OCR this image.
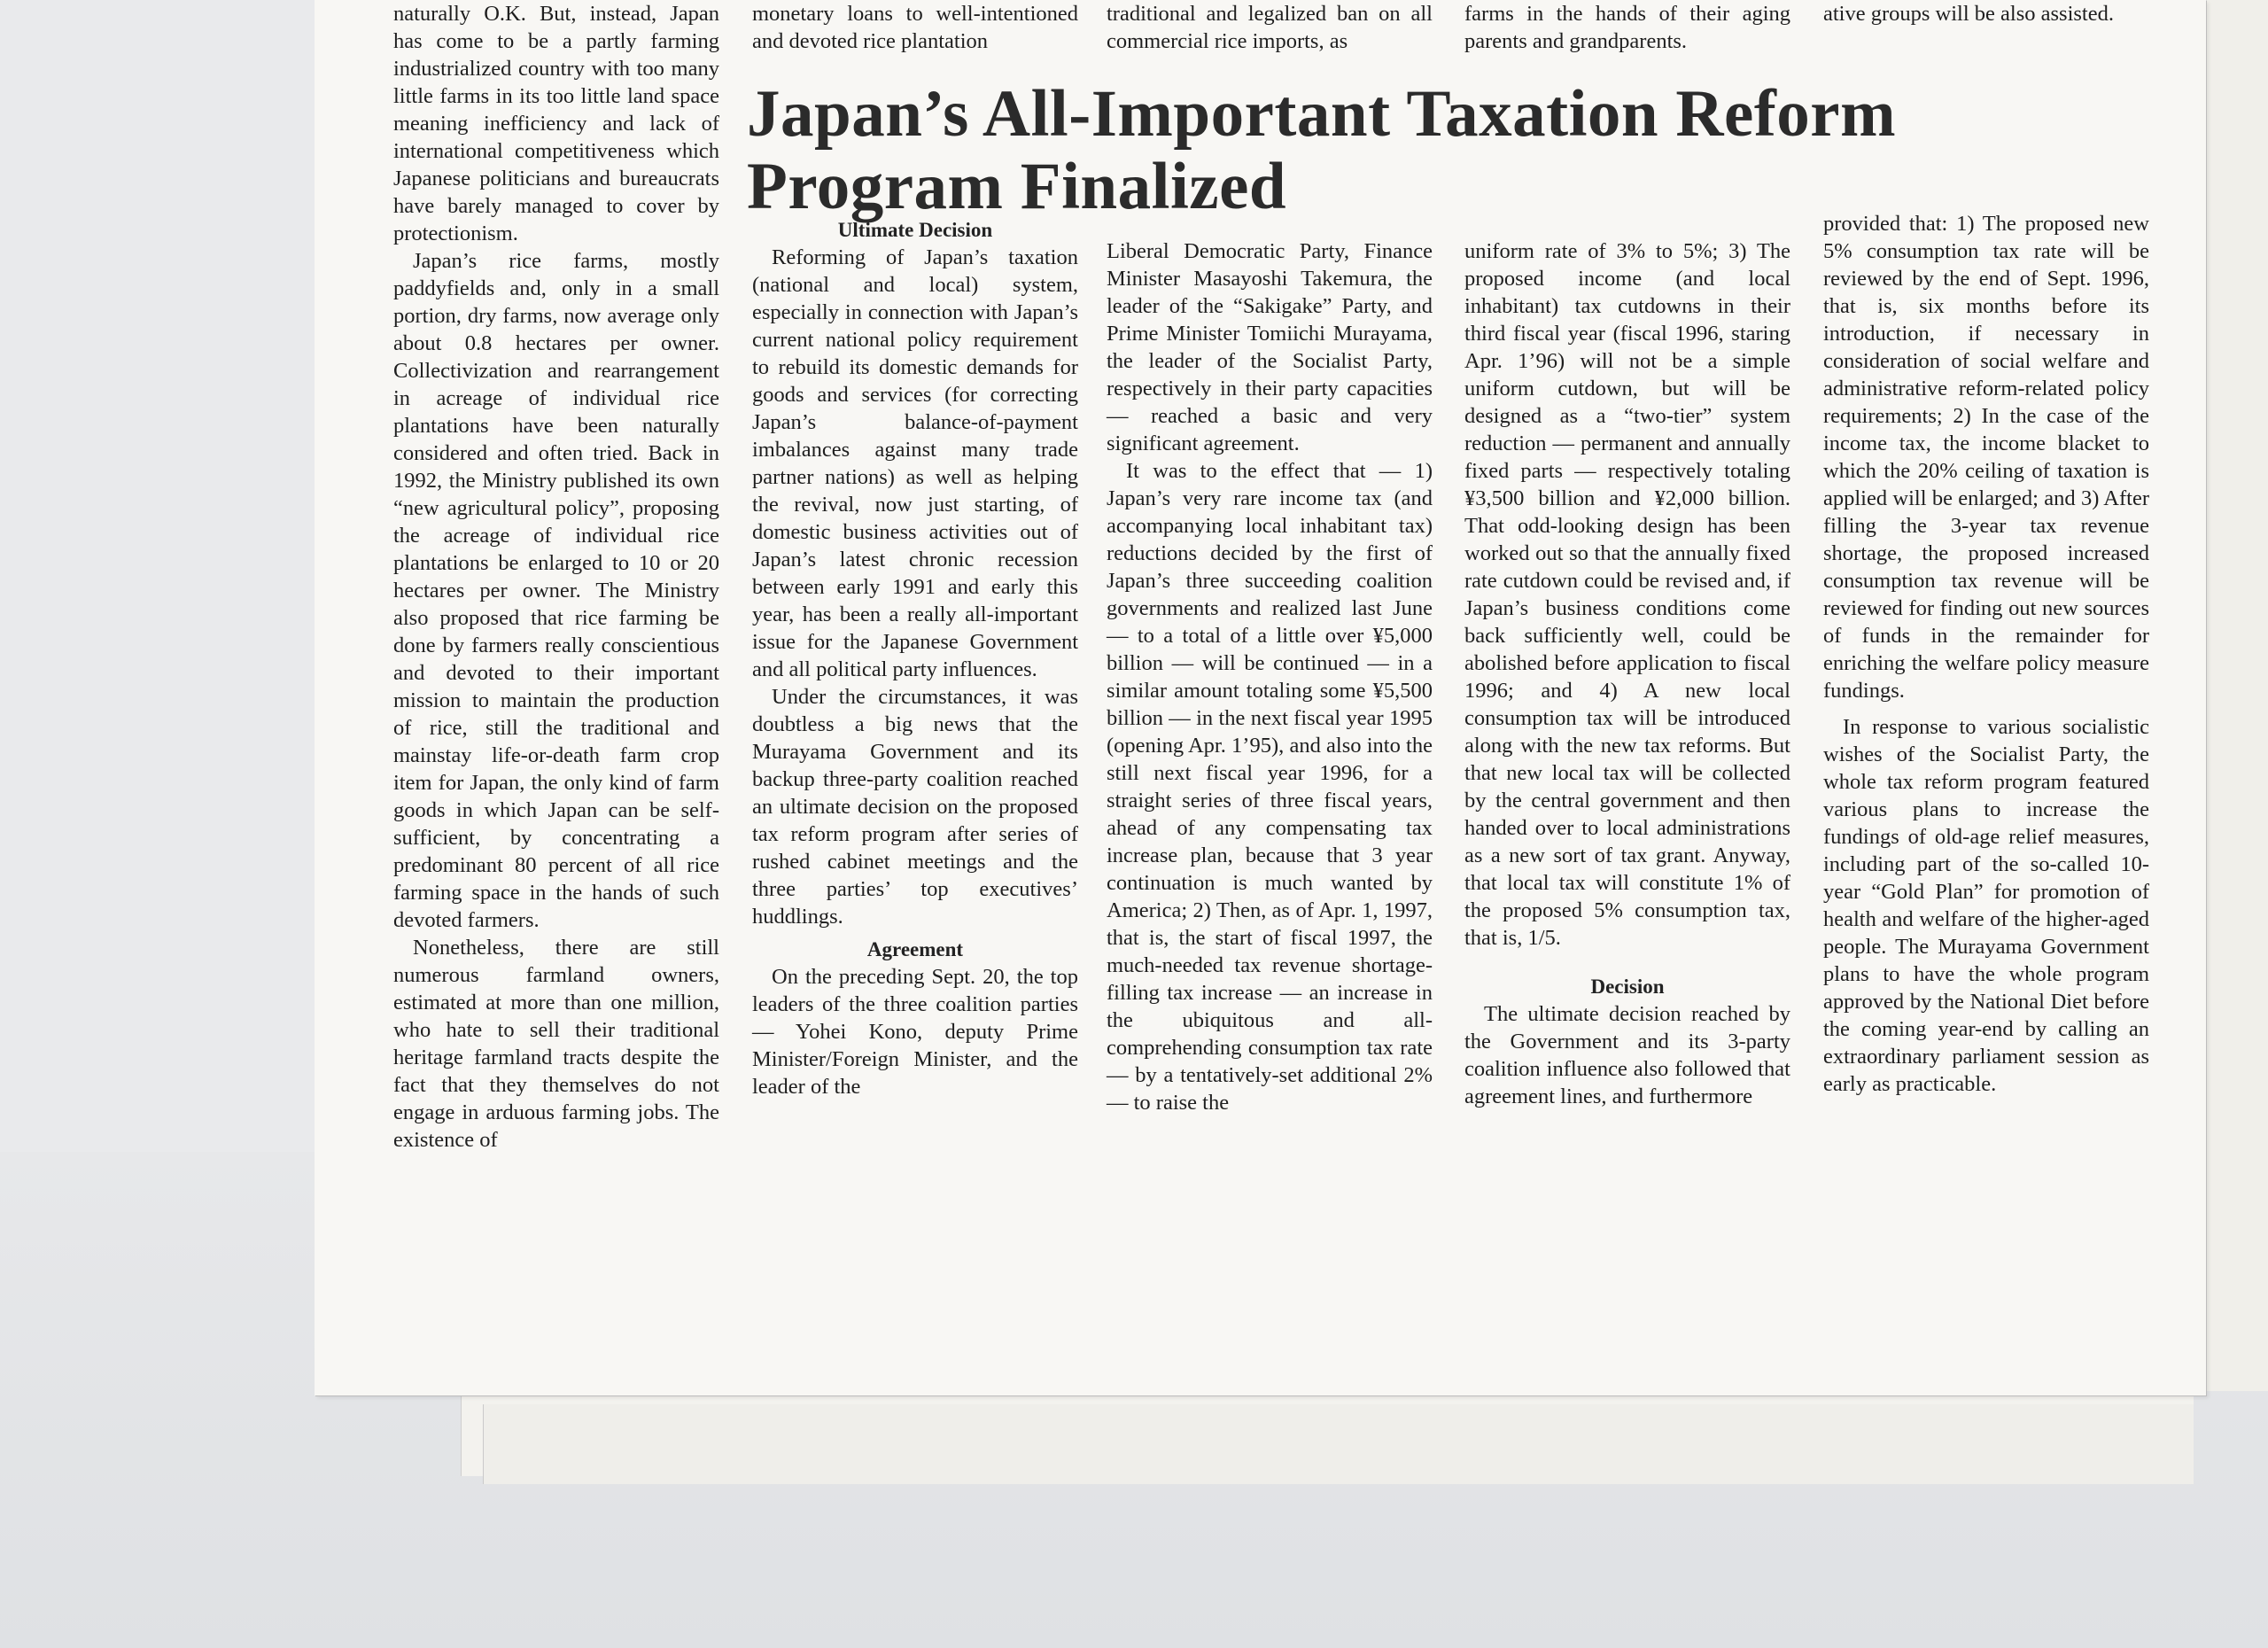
naturally O.K. But, instead, Japan has come to be a partly farming industrialized country with too many little farms in its too little land space meaning inefficiency and lack of international competitiveness which Japanese politicians and bureaucrats have barely managed to cover by protectionism.

Japan’s rice farms, mostly paddyfields and, only in a small portion, dry farms, now average only about 0.8 hectares per owner. Collectivization and rearrangement in acreage of individual rice plantations have been naturally considered and often tried. Back in 1992, the Ministry published its own “new agricultural policy”, proposing the acreage of individual rice plantations be enlarged to 10 or 20 hectares per owner. The Ministry also proposed that rice farming be done by farmers really conscientious and devoted to their important mission to maintain the production of rice, still the traditional and mainstay life-or-death farm crop item for Japan, the only kind of farm goods in which Japan can be self-sufficient, by concentrating a predominant 80 percent of all rice farming space in the hands of such devoted farmers.

Nonetheless, there are still numerous farmland owners, estimated at more than one million, who hate to sell their traditional heritage farmland tracts despite the fact that they themselves do not engage in arduous farming jobs. The existence of

monetary loans to well-intentioned and devoted rice plantation

Ultimate Decision

Reforming of Japan’s taxation (national and local) system, especially in connection with Japan’s current national policy requirement to rebuild its domestic demands for goods and services (for correcting Japan’s balance-of-payment imbalances against many trade partner nations) as well as helping the revival, now just starting, of domestic business activities out of Japan’s latest chronic recession between early 1991 and early this year, has been a really all-important issue for the Japanese Government and all political party influences.

Under the circumstances, it was doubtless a big news that the Murayama Government and its backup three-party coalition reached an ultimate decision on the proposed tax reform program after series of rushed cabinet meetings and the three parties’ top executives’ huddlings.

Agreement

On the preceding Sept. 20, the top leaders of the three coalition parties — Yohei Kono, deputy Prime Minister/Foreign Minister, and the leader of the

traditional and legalized ban on all commercial rice imports, as

Liberal Democratic Party, Finance Minister Masayoshi Takemura, the leader of the “Sakigake” Party, and Prime Minister Tomiichi Murayama, the leader of the Socialist Party, respectively in their party capacities — reached a basic and very significant agreement.

It was to the effect that — 1) Japan’s very rare income tax (and accompanying local inhabitant tax) reductions decided by the first of Japan’s three succeeding coalition governments and realized last June — to a total of a little over ¥5,000 billion — will be continued — in a similar amount totaling some ¥5,500 billion — in the next fiscal year 1995 (opening Apr. 1’95), and also into the still next fiscal year 1996, for a straight series of three fiscal years, ahead of any compensating tax increase plan, because that 3 year continuation is much wanted by America; 2) Then, as of Apr. 1, 1997, that is, the start of fiscal 1997, the much-needed tax revenue shortage-filling tax increase — an increase in the ubiquitous and all-comprehending consumption tax rate — by a tentatively-set additional 2% — to raise the

farms in the hands of their aging parents and grandparents.

uniform rate of 3% to 5%; 3) The proposed income (and local inhabitant) tax cutdowns in their third fiscal year (fiscal 1996, staring Apr. 1’96) will not be a simple uniform cutdown, but will be designed as a “two-tier” system reduction — permanent and annually fixed parts — respectively totaling ¥3,500 billion and ¥2,000 billion. That odd-looking design has been worked out so that the annually fixed rate cutdown could be revised and, if Japan’s business conditions come back sufficiently well, could be abolished before application to fiscal 1996; and 4) A new local consumption tax will be introduced along with the new tax reforms. But that new local tax will be collected by the central government and then handed over to local administrations as a new sort of tax grant. Anyway, that local tax will constitute 1% of the proposed 5% consumption tax, that is, 1/5.

Decision

The ultimate decision reached by the Government and its 3-party coalition influence also followed that agreement lines, and furthermore

ative groups will be also assisted.

provided that: 1) The proposed new 5% consumption tax rate will be reviewed by the end of Sept. 1996, that is, six months before its introduction, if necessary in consideration of social welfare and administrative reform-related policy requirements; 2) In the case of the income tax, the income blacket to which the 20% ceiling of taxation is applied will be enlarged; and 3) After filling the 3-year tax revenue shortage, the proposed increased consumption tax revenue will be reviewed for finding out new sources of funds in the remainder for enriching the welfare policy measure fundings.

In response to various socialistic wishes of the Socialist Party, the whole tax reform program featured various plans to increase the fundings of old-age relief measures, including part of the so-called 10-year “Gold Plan” for promotion of health and welfare of the higher-aged people. The Murayama Government plans to have the whole program approved by the National Diet before the coming year-end by calling an extraordinary parliament session as early as practicable.

Japan’s All-Important Taxation Reform Program Finalized
